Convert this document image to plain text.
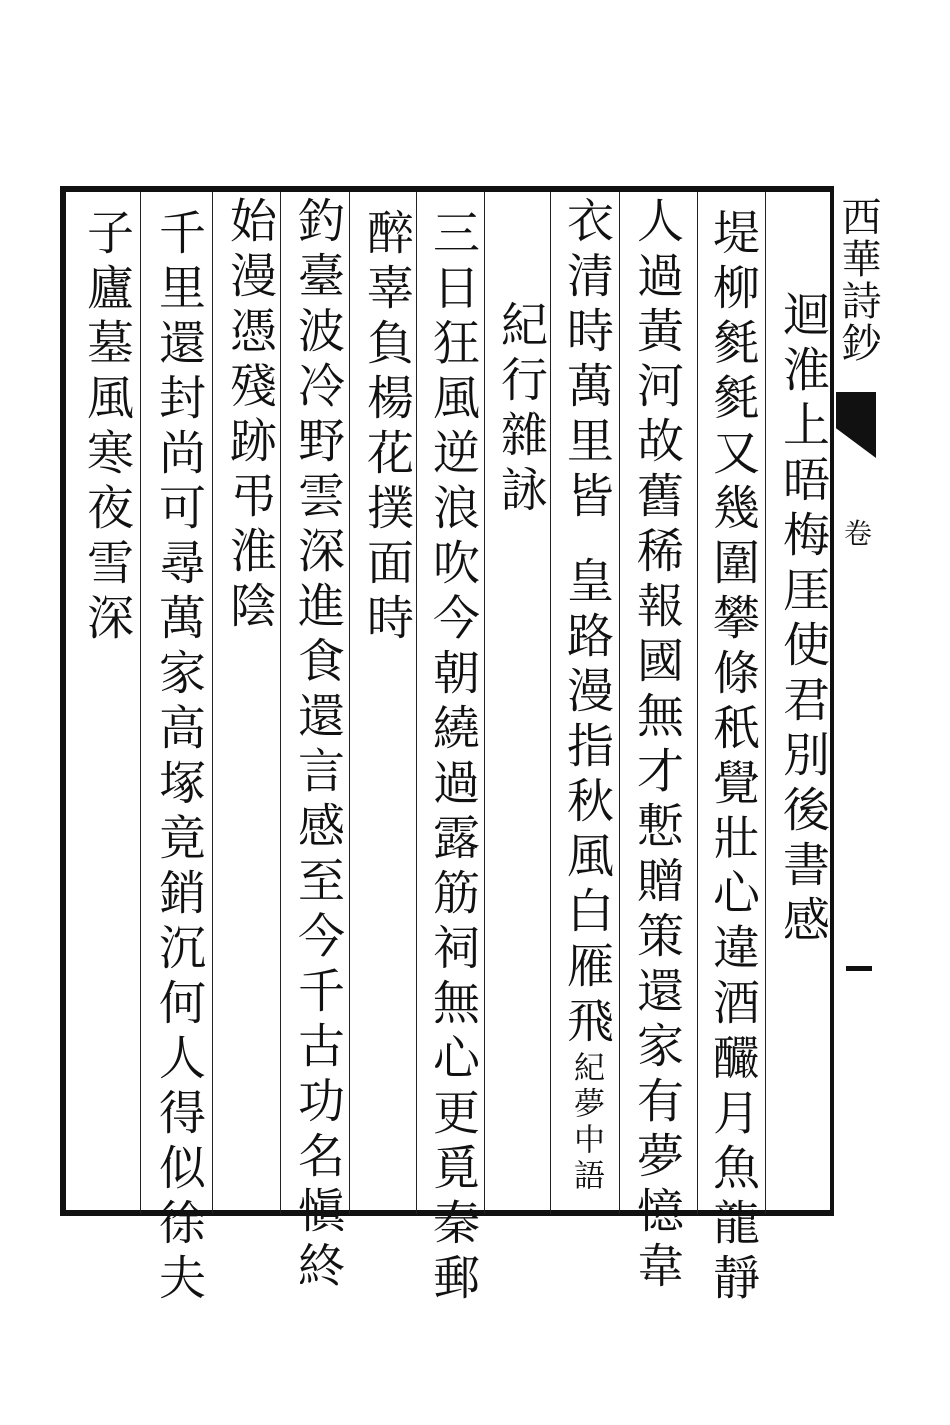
西華詩鈔
卷
迴淮上晤梅厓使君別後書感
堤柳毿毿又幾圍攀條秖覺壯心違酒釅月魚龍靜
人過黃河故舊稀報國無才慙贈策還家有夢憶韋
衣清時萬里皆皇路漫指秋風白雁飛紀夢中語
紀行雜詠
三日狂風逆浪吹今朝繞過露筋祠無心更覓秦郵
醉辜負楊花撲面時
釣臺波冷野雲深進食還言感至今千古功名愼終
始漫憑殘跡弔淮陰
千里還封尚可尋萬家高塚竟銷沉何人得似徐夫
子廬墓風寒夜雪深
